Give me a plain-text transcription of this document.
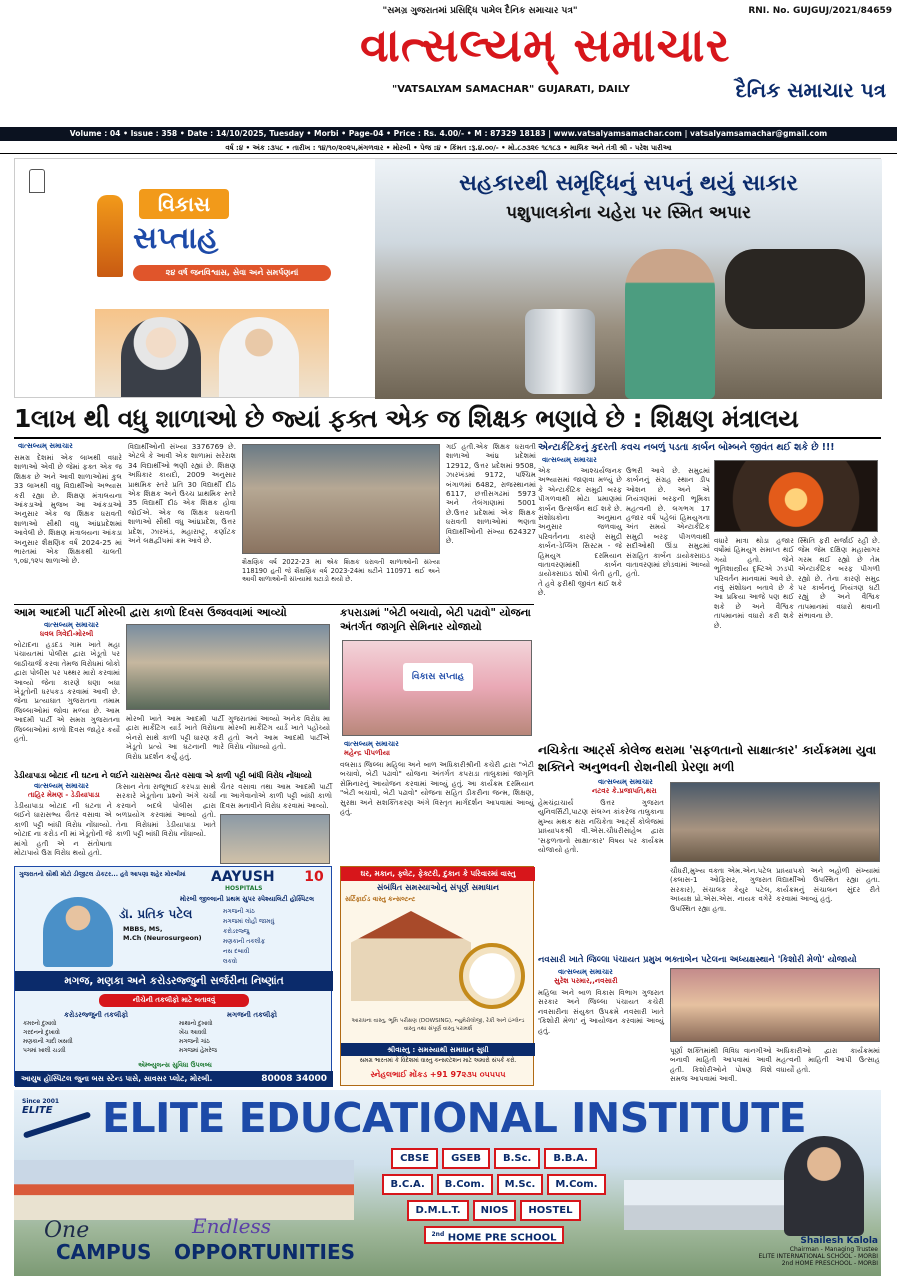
"સમગ્ર ગુજરાતમાં પ્રસિદ્ધિ પામેલ દૈનિક સમાચાર પત્ર"	RNI. No. GUJGUJ/2021/84659
વાત્સલ્યમ્ સમાચાર
"VATSALYAM SAMACHAR" GUJARATI, DAILY	દૈનિક સમાચાર પત્ર
Volume : 04 • Issue : 358 • Date : 14/10/2025, Tuesday • Morbi • Page-04 • Price : Rs. 4.00/- • M : 87329 18183 | www.vatsalyamsamachar.com | vatsalyamsamachar@gmail.com
વર્ષ :૪ • અંક :૩૫૮ • તારીખ : ૧૪/૧૦/૨૦૨૫,મંગળવાર • મોરબી • પેજ :૪ • કિંમત :રૂ.૪.૦૦/- • મો.૮૭૩૨૯ ૧૮૧૮૩ • માલિક અને તંત્રી શ્રી - પરેશ પારીઆ
વિકાસ
સપ્તાહ
૨૪ વર્ષ જનવિશ્વાસ, સેવા અને સમર્પણનાં
સહકારથી સમૃદ્ધિનું સપનું થયું સાકાર
પશુપાલકોના ચહેરા પર સ્મિત અપાર
1લાખ થી વધુ શાળાઓ છે જ્યાં ફક્ત એક જ શિક્ષક ભણાવે છે : શિક્ષણ મંત્રાલય
વાત્સલ્યમ્ સમાચાર
સમગ્ર દેશમાં એક લાખથી વધારે શાળાઓ એવી છે જેમાં ફક્ત એક જ શિક્ષક છે અને આવી શાળાઓમાં કુલ 33 લાખથી વધુ વિદ્યાર્થીઓ અભ્યાસ કરી રહ્યા છે. શિક્ષણ મંત્રાલયના આંકડાઓ મુજબ આ આંકડાઓ અનુસાર એક જ શિક્ષક ધરાવતી શાળાઓ સૌથી વધુ આંધ્રપ્રદેશમાં આવેલી છે. શિક્ષણ મંત્રાલયના આંકડા અનુસાર શૈક્ષણિક વર્ષ 2024-25 માં ભારતમાં એક શિક્ષકથી ચાલતી ૧,૦૪,૧૨૫ શાળાઓ છે.
વિદ્યાર્થીઓની સંખ્યા 3376769 છે. એટલે કે આવી એક શાળામાં સરેરાશ 34 વિદ્યાર્થીઓ ભણી રહ્યાં છે. શિક્ષણ અધિકાર કાયદો, 2009 અનુસાર પ્રાથમિક સ્તરે પ્રતિ 30 વિદ્યાર્થી દીઠ એક શિક્ષક અને ઉચ્ચ પ્રાથમિક સ્તરે 35 વિદ્યાર્થી દીઠ એક શિક્ષક હોવા જોઈએ. એક જ શિક્ષક ધરાવતી શાળાઓ સૌથી વધુ આંધ્રપ્રદેશ, ઉત્તર પ્રદેશ, ઝારખંડ, મહારાષ્ટ્ર, કર્ણાટક અને લક્ષદ્વીપમાં ક્રમ આવે છે.
શૈક્ષણિક વર્ષ 2022-23 માં એક શિક્ષક ધરાવતી શાળાઓની સંખ્યા 118190 હતી જે શૈક્ષણિક વર્ષ 2023-24માં ઘટીને 110971 થઈ અને આવી શાળાઓની સંખ્યામાં ઘટાડો થયો છે.
ગઈ હતી.એક શિક્ષક ધરાવતી શાળાઓ આંધ્ર પ્રદેશમાં 12912, ઉત્તર પ્રદેશમાં 9508, ઝારખંડમાં 9172, પશ્ચિમ બંગાળમાં 6482, રાજસ્થાનમાં 6117, છત્તીસગઢમાં 5973 અને તેલંગાણામાં 5001 છે.ઉત્તર પ્રદેશમાં એક શિક્ષક ધરાવતી શાળાઓમાં ભણતા વિદ્યાર્થીઓની સંખ્યા 624327 છે.
એન્ટાર્કટિકનું કુદરતી કવચ નબળું પડતા કાર્બન બોમ્બને જીવંત થઈ શકે છે !!!
વાત્સલ્યમ્ સમાચાર
એક આશ્ચર્યજનક અભ્યાસમાં જાણવા મળ્યું છે કે એન્ટાર્કટિક સમુદ્રી બરફ પીગળવાથી મોટા પ્રમાણમાં કાર્બન ઉત્સર્જન થઈ શકે છે. સંશોધકોના અનુમાન અનુસાર જળવાયુ પરિવર્તનના કારણે સમુદ્રી કાર્બન-ડેપ્લિંગ સિસ્ટમ - જે હિમયુગ દરમિયાન વાતાવરણમાંથી કાર્બન ડાયોક્સાઇડ શોષી લેતી હતી, તે હવે ફરીથી જીવંત થઈ શકે છે.
ઉભરી આવે છે. સમુદ્રમાં કાર્બનનું સંગ્રહ સ્થાન ડીપ ઓશન છે. અને એ નિયંત્રણમાં બરફની ભૂમિકા મહત્વની છે. લગભગ 17 હજાર વર્ષ પહેલાં હિમયુગના અંત સમયે એન્ટાર્કટિક સમુદ્રી બરફ પીગળવાથી સદીઓથી ઊંડા સમુદ્રમાં સંગ્રહિત કાર્બન ડાયોક્સાઇડ વાતાવરણમાં છોડવામાં આવ્યો હતો.
વધારે માત્રા થોડા હજાર વર્ષોમાં હિમયુગ સમાપ્ત થઈ ગયો હતો. જેને ભૂતિશાસ્ત્રીય દૃષ્ટિએ ઝડપી પરિવર્તન માનવામાં આવે છે. નવું સંશોધન બતાવે છે કે આ પ્રક્રિયા આજે પણ થઈ શકે છે અને વૈશ્વિક તાપમાનમાં વધારો કરી શકે છે.
સ્થિતિ ફરી સર્જાઈ રહી છે. જેમ જેમ દક્ષિણ મહાસાગર ગરમ થઈ રહ્યો છે તેમ એન્ટાર્કટિક બરફ પીગળી રહ્યો છે. તેના કારણે સમુદ્ર પર કાર્બનનું નિયંત્રણ ઘટી રહ્યું છે અને વૈશ્વિક તાપમાનમાં વધારો થવાની સંભાવના છે.
આમ આદમી પાર્ટી મોરબી દ્વારા કાળો દિવસ ઉજવવામાં આવ્યો
વાત્સલ્યમ્ સમાચાર
ધવલ ત્રિવેદી-મોરબી
બોટાદના હડદડ ગામ ખાતે મહા પંચાયતમાં પોલીસ દ્વારા ખેડૂતો પર લાઠીચાર્જ કરવા તેમજ વિરોધમાં લોકો દ્વારા પોલીસ પર પથ્થર મારો કરવામાં આવ્યો જેના કારણે ઘણા બધા ખેડૂતોની ધરપકડ કરવામાં આવી છે. જેના પ્રત્યાઘાત ગુજરાતના તમામ જિલ્લાઓમાં જોવા મળ્યા છે. આમ આદમી પાર્ટી એ સમગ્ર ગુજરાતના જિલ્લાઓમાં કાળો દિવસ જાહેર કર્યો હતો.
મોરબી ખાતે આમ આદમી પાર્ટી દ્વારા માર્કેટિંગ યાર્ડ ખાતે વિરોધના બેનરો સાથે કાળી પટ્ટી ધારણ કરી ખેડૂતો પ્રત્યે આ ઘટનાની ભારે વિરોધ પ્રદર્શન કર્યું હતું.
ગુજરાતમાં આવ્યો અનેક વિરોધ મા મોરબી માર્કેટિંગ યાર્ડ ખાતે પહોંચ્યો હતો અને આમ આદમી પાર્ટીએ વિરોધ નોંધાવ્યો હતો.
કપરાડામાં "બેટી બચાવો, બેટી પઢાવો" યોજના અંતર્ગત જાગૃતિ સેમિનાર યોજાયો
વિકાસ સપ્તાહ
વાત્સલ્યમ્ સમાચાર
મહેન્દ્ર પીપળીયા
વલસાડ જિલ્લા મહિલા અને બાળ અધિકારીશ્રીની કચેરી દ્વારા "બેટી બચાવો, બેટી પઢાવો" યોજના અંતર્ગત કપરાડા તાલુકામાં જાગૃતિ સેમિનારનું આયોજન કરવામાં આવ્યું હતું. આ કાર્યક્રમ દરમિયાન "બેટી બચાવો, બેટી પઢાવો" યોજના સહિત ડીકરીના જન્મ, શિક્ષણ, સુરક્ષા અને સશક્તિકરણ અંગે વિસ્તૃત માર્ગદર્શન આપવામાં આવ્યું હતું.
ડેડીયાપાડા બોટાદ ની ઘટના ને લઈને ચારાસભ્ય ચૈતર વસાવા એ કાળી પટ્ટી બાંધી વિરોધ નોંધાવ્યો
વાત્સલ્યમ્ સમાચાર
તાહિર મેમણ - ડેડીયાપાડા
ડેડીયાપાડા બોટાદ ની ઘટના ને લઈને ધારાસભ્ય ચૈતર વસાવા એ કાળી પટ્ટી બાંધી વિરોધ નોંધાવ્યો. બોટાદ ના કરોડ ની માં ખેડૂતોની જે માંગો હતી એ ન સંતોષાતા મોટાપાયે ઉગ્ર વિરોધ થયો હતો.
કિસાન નેતા રાજૂભાઈ કરપડા સાથે સરકારે ખેડૂતોના પ્રશ્નો અંગે ચર્ચા કરવાને બદલે પોલીસ દ્વારા બળપ્રયોગ કરવામાં આવ્યો હતો. તેના વિરોધમાં ડેડીયાપાડા ખાતે કાળી પટ્ટી બાંધી વિરોધ નોંધાવ્યો.
ચૈતર વસાવા તથા આમ આદમી પાર્ટી ના આગેવાનોએ કાળી પટ્ટી બાંધી કાળો દિવસ મનાવીને વિરોધ કરવામાં આવ્યો.
ગુજરાતનો સૌથી મોટો ડીજીટલ ડોકટર... હવે આપણા શહેર મોરબીમાં AAYUSH
HOSPITALS
10
મોરબી જીલ્લાની પ્રથમ સુપર સ્પેશ્યાલિટી હોસ્પિટલ
ડૉ. પ્રતિક પટેલ
MBBS, MS,
M.Ch (Neurosurgeon)
મગજની ગાંઠ
મગજમાં લોહી જામવું
કરોડરજ્જુ
મણકાની તકલીફ
નસ દબાવી
લકવો
મગજ, મણકા અને કરોડરજ્જુની સર્જરીના નિષ્ણાંત
નીચેની તકલીફો માટે બતાવવું
કરોડરજ્જુની તકલીફો
કમરનો દુખાવો
ગરદનનો દુખાવો
મણકાની ગાદી ખસવી
પગમાં ખાલી ચડવી
મગજની તકલીફો
માથાનો દુખાવો
ખેંચ આવવી
મગજની ગાંઠ
મગજમાં હેમરેજ
એમ્બ્યુલન્સ સુવિધા ઉપલબ્ધ
આયુષ હૉસ્પિટલ જુના બસ સ્ટેન્ડ પાસે, સાવસર પ્લોટ, મોરબી.	80008 34000
ઘર, મકાન, ફ્લેટ, ફેક્ટરી, દુકાન કે પરિવારમાં વાસ્તુ
સંબંધિત સમસ્યાઓનું સંપૂર્ણ સમાધાન
સર્ટિફાઈડ વાસ્તુ કન્સલ્ટન્ટ
આરાધના વાસ્તુ, ભૂમિ પરીક્ષણ (DOWSING), ન્યુમેરોલોજી, રેકી અને ઇંગ્લેન્ડ વાસ્તુ તથા સંપૂર્ણ વાસ્તુ પરામર્શ
શ્રીવાસ્તુ : સમસ્યાથી સમાધાન સુધી
સમગ્ર ભારતમાં કે વિદેશમાં વાસ્તુ કન્સલ્ટેશન માટે અમારો સંપર્ક કરો.
સ્નેહલભાઈ મોંકડ +91 97૨૩૫ ૦૫૫૫૫
નચિકેતા આર્ટ્સ કોલેજ થરામા 'સફળતાનો સાક્ષાત્કાર' કાર્યક્રમમા યુવા શક્તિને અનુભવની રોશનીથી પ્રેરણા મળી
વાત્સલ્યમ્ સમાચાર
નટવર કે.પ્રજાપતિ,થરા
હેમચંદ્રાચાર્ય ઉત્તર ગુજરાત યુનિવર્સિટી,પાટણ સંલગ્ન કાંકરેજ તાલુકાના મુખ્ય મથક થરા નચિકેતા આર્ટ્સ કોલેજમાં પ્રાધ્યાપકશ્રી વી.એસ.ચૌધરીસાહેબ દ્વારા 'સફળતાનો સાક્ષાત્કાર' વિષય પર કાર્યક્રમ યોજાયો હતો.
ચૌધરી,મુખ્ય વક્તા એમ.એન.પટેલ (ક્લાસ-1 ઓફિસર, ગુજરાત સરકાર), સંચાલક કેયુર પટેલ, અધ્યક્ષ પ્રો.એસ.એસ. નાયક વગેરે ઉપસ્થિત રહ્યા હતા.
પ્રાધ્યાપકો અને બહોળી સંખ્યામાં વિદ્યાર્થીઓ ઉપસ્થિત રહ્યા હતા. કાર્યક્રમનું સંચાલન સુંદર રીતે કરવામાં આવ્યું હતું.
નવસારી ખાતે જિલ્લા પંચાયત પ્રમુખ ભક્તાબેન પટેલના અધ્યક્ષસ્થાને 'કિશોરી મેળો' યોજાયો
વાત્સલ્યમ્ સમાચાર
સુરેશ પરમાર,,નવસારી
મહિલા અને બાળ વિકાસ વિભાગ ગુજરાત સરકાર અને જિલ્લા પંચાયત કચેરી નવસારીના સંયુક્ત ઉપક્રમે નવસારી ખાતે 'કિશોરી મેળા' નું આયોજન કરવામાં આવ્યું હતું.
પૂર્ણા શક્તિમાંથી વિવિધ વાનગીઓ બનાવી માહિતી આપવામાં આવી હતી. કિશોરીઓને પોષણ વિશે સમજ આપવામાં આવી.
અધિકારીઓ દ્વારા કાર્યક્રમમાં મહત્વની માહિતી આપી ઉત્સાહ વધાર્યો હતો.
Since 2001
ELITE	ELITE EDUCATIONAL INSTITUTE
CBSE	GSEB	B.Sc.	B.B.A.
B.C.A.	B.Com.	M.Sc.	M.Com.
D.M.L.T.	NIOS	HOSTEL
$^{2nd}$ HOME PRE SCHOOL
One	Endless
CAMPUS	OPPORTUNITIES	Shailesh Kalola
Chairman - Managing Trustee
ELITE INTERNATIONAL SCHOOL - MORBI
2nd HOME PRESCHOOL - MORBI
